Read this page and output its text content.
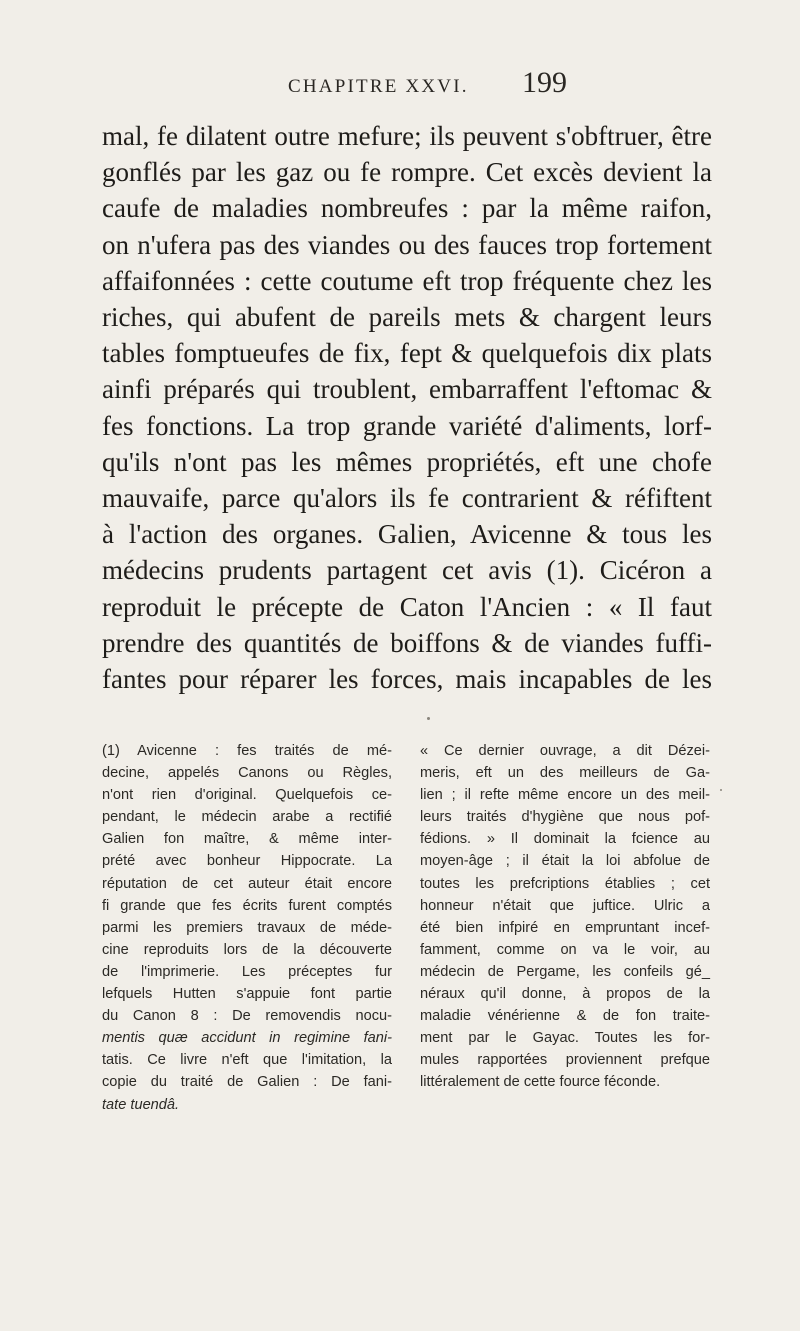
CHAPITRE XXVI. 199
mal, fe dilatent outre mefure; ils peuvent s'obftruer, être
gonflés par les gaz ou fe rompre. Cet excès devient la
caufe de maladies nombreufes : par la même raifon,
on n'ufera pas des viandes ou des fauces trop fortement
affaifonnées : cette coutume eft trop fréquente chez les
riches, qui abufent de pareils mets & chargent leurs
tables fomptueufes de fix, fept & quelquefois dix plats
ainfi préparés qui troublent, embarraffent l'eftomac &
fes fonctions. La trop grande variété d'aliments, lorf-
qu'ils n'ont pas les mêmes propriétés, eft une chofe
mauvaife, parce qu'alors ils fe contrarient & réfiftent
à l'action des organes. Galien, Avicenne & tous les
médecins prudents partagent cet avis (1). Cicéron a
reproduit le précepte de Caton l'Ancien : « Il faut
prendre des quantités de boiffons & de viandes fuffi-
fantes pour réparer les forces, mais incapables de les
(1) Avicenne : fes traités de mé-
decine, appelés Canons ou Règles,
n'ont rien d'original. Quelquefois ce-
pendant, le médecin arabe a rectifié
Galien fon maître, & même inter-
prété avec bonheur Hippocrate. La
réputation de cet auteur était encore
fi grande que fes écrits furent comptés
parmi les premiers travaux de méde-
cine reproduits lors de la découverte
de l'imprimerie. Les préceptes fur
lefquels Hutten s'appuie font partie
du Canon 8 : De removendis nocu-
mentis quæ accidunt in regimine fani-
tatis. Ce livre n'eft que l'imitation, la
copie du traité de Galien : De fani-
tate tuendâ.
« Ce dernier ouvrage, a dit Dézei-
meris, eft un des meilleurs de Ga-
lien ; il refte même encore un des meil-
leurs traités d'hygiène que nous pof-
fédions. » Il dominait la fcience au
moyen-âge ; il était la loi abfolue de
toutes les prefcriptions établies ; cet
honneur n'était que juftice. Ulric a
été bien infpiré en empruntant incef-
famment, comme on va le voir, au
médecin de Pergame, les confeils gé_
néraux qu'il donne, à propos de la
maladie vénérienne & de fon traite-
ment par le Gayac. Toutes les for-
mules rapportées proviennent prefque
littéralement de cette fource féconde.
